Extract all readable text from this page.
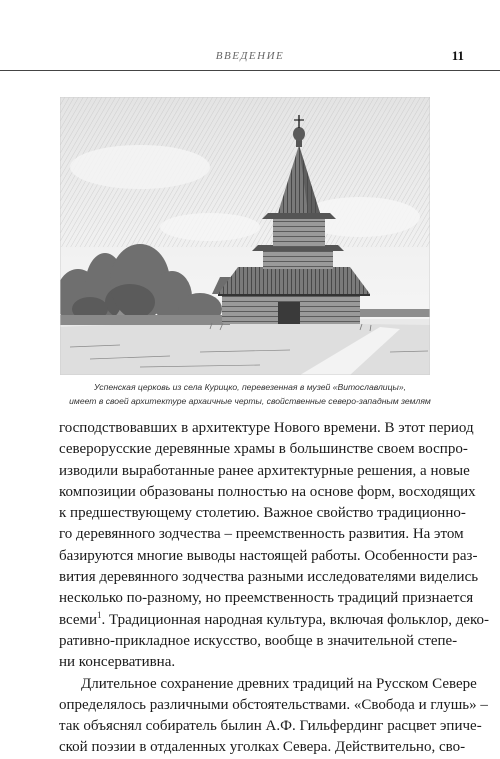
ВВЕДЕНИЕ	11
Успенская церковь из села Курицко, перевезенная в музей «Витославлицы»,
имеет в своей архитектуре архаичные черты, свойственные северо-западным землям
господствовавших в архитектуре Нового времени. В этот период
северорусские деревянные храмы в большинстве своем воспро-
изводили выработанные ранее архитектурные решения, а новые
композиции образованы полностью на основе форм, восходящих
к предшествующему столетию. Важное свойство традиционно-
го деревянного зодчества – преемственность развития. На этом
базируются многие выводы настоящей работы. Особенности раз-
вития деревянного зодчества разными исследователями виделись
несколько по-разному, но преемственность традиций признается
всеми$^1$. Традиционная народная культура, включая фольклор, деко-
ративно-прикладное искусство, вообще в значительной степе-
ни консервативна.
Длительное сохранение древних традиций на Русском Севере
определялось различными обстоятельствами. «Свобода и глушь» –
так объяснял собиратель былин А.Ф. Гильфердинг расцвет эпиче-
ской поэзии в отдаленных уголках Севера. Действительно, сво-
